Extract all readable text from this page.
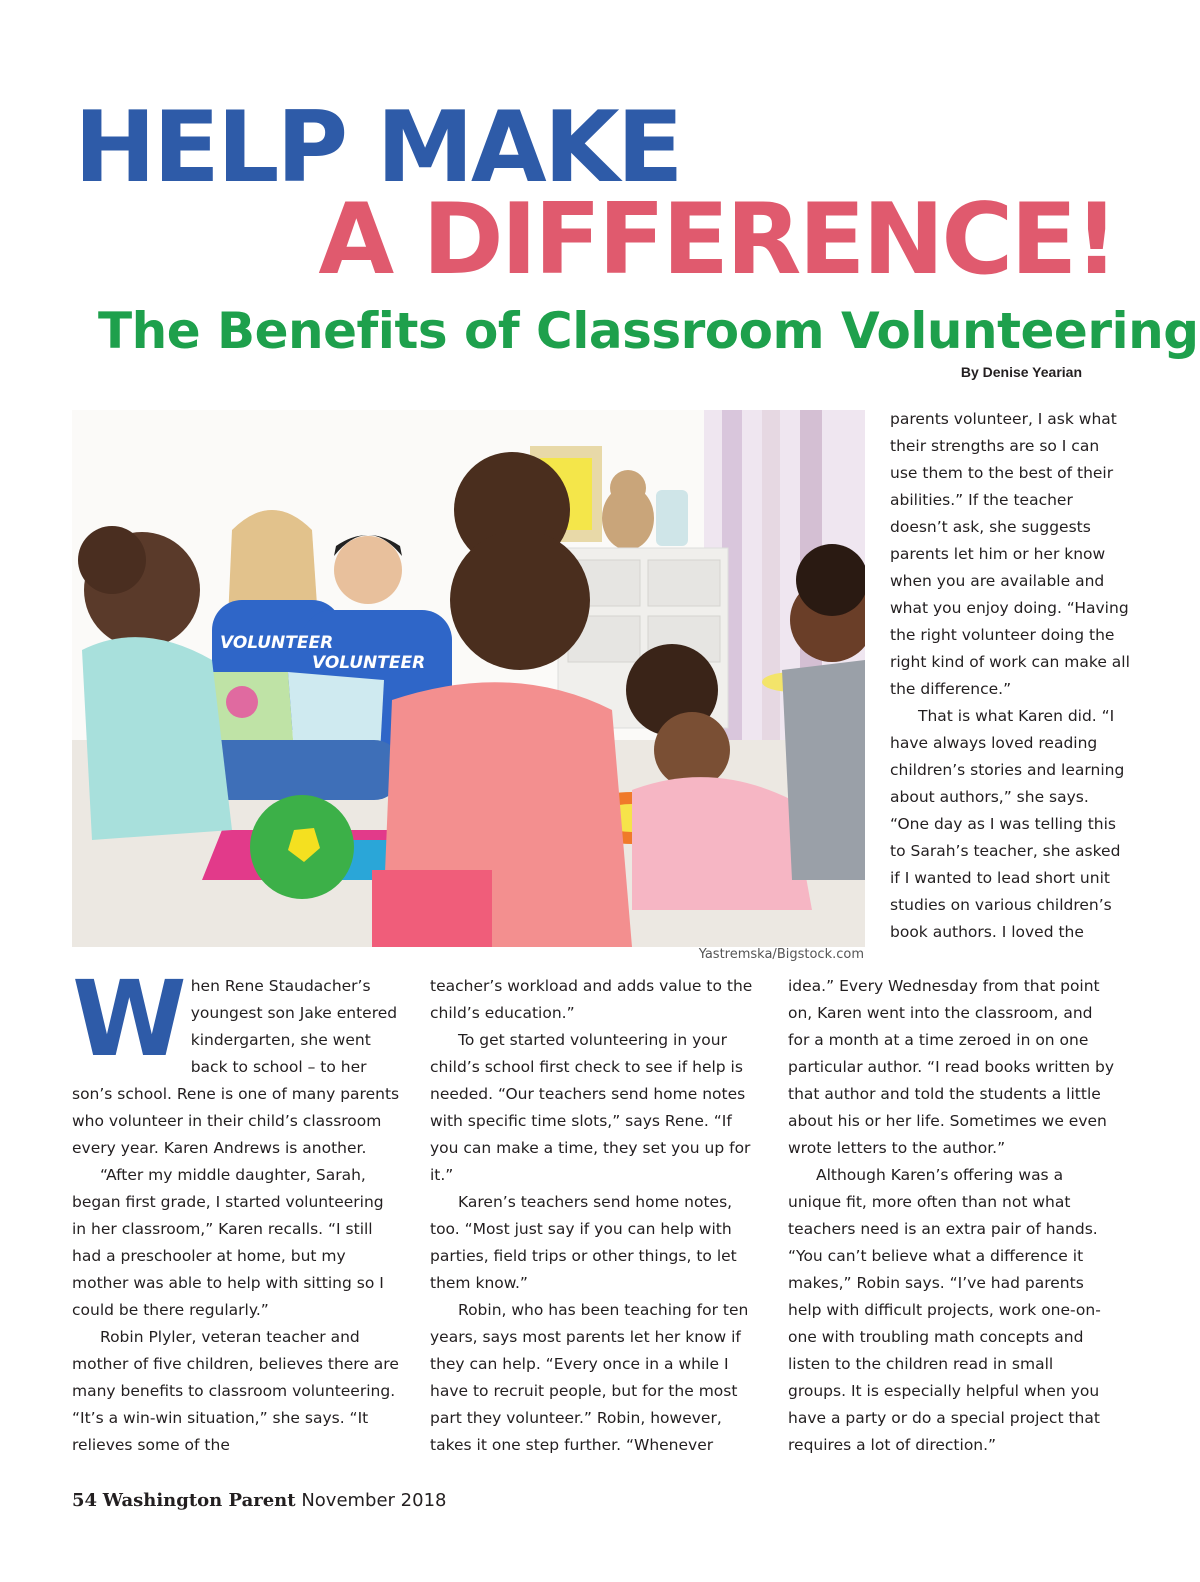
HELP MAKE
A DIFFERENCE!
The Benefits of Classroom Volunteering
By Denise Yearian
VOLUNTEER
VOLUNTEER
Yastremska/Bigstock.com

parents volunteer, I ask what their strengths are so I can use them to the best of their abilities.” If the teacher doesn’t ask, she suggests parents let him or her know when you are available and what you enjoy doing. “Having the right volunteer doing the right kind of work can make all the difference.”

That is what Karen did. “I have always loved reading children’s stories and learning about authors,” she says. “One day as I was telling this to Sarah’s teacher, she asked if I wanted to lead short unit studies on various children’s book authors. I loved the

When Rene Staudacher’s youngest son Jake entered kindergarten, she went back to school – to her son’s school. Rene is one of many parents who volunteer in their child’s classroom every year. Karen Andrews is another.

“After my middle daughter, Sarah, began first grade, I started volunteering in her classroom,” Karen recalls. “I still had a preschooler at home, but my mother was able to help with sitting so I could be there regularly.”

Robin Plyler, veteran teacher and mother of five children, believes there are many benefits to classroom volunteering. “It’s a win-win situation,” she says. “It relieves some of the

teacher’s workload and adds value to the child’s education.”

To get started volunteering in your child’s school first check to see if help is needed. “Our teachers send home notes with specific time slots,” says Rene. “If you can make a time, they set you up for it.”

Karen’s teachers send home notes, too. “Most just say if you can help with parties, field trips or other things, to let them know.”

Robin, who has been teaching for ten years, says most parents let her know if they can help. “Every once in a while I have to recruit people, but for the most part they volunteer.” Robin, however, takes it one step further. “Whenever

idea.” Every Wednesday from that point on, Karen went into the classroom, and for a month at a time zeroed in on one particular author. “I read books written by that author and told the students a little about his or her life. Sometimes we even wrote letters to the author.”

Although Karen’s offering was a unique fit, more often than not what teachers need is an extra pair of hands. “You can’t believe what a difference it makes,” Robin says. “I’ve had parents help with difficult projects, work one-on-one with troubling math concepts and listen to the children read in small groups. It is especially helpful when you have a party or do a special project that requires a lot of direction.”

54 Washington Parent November 2018
